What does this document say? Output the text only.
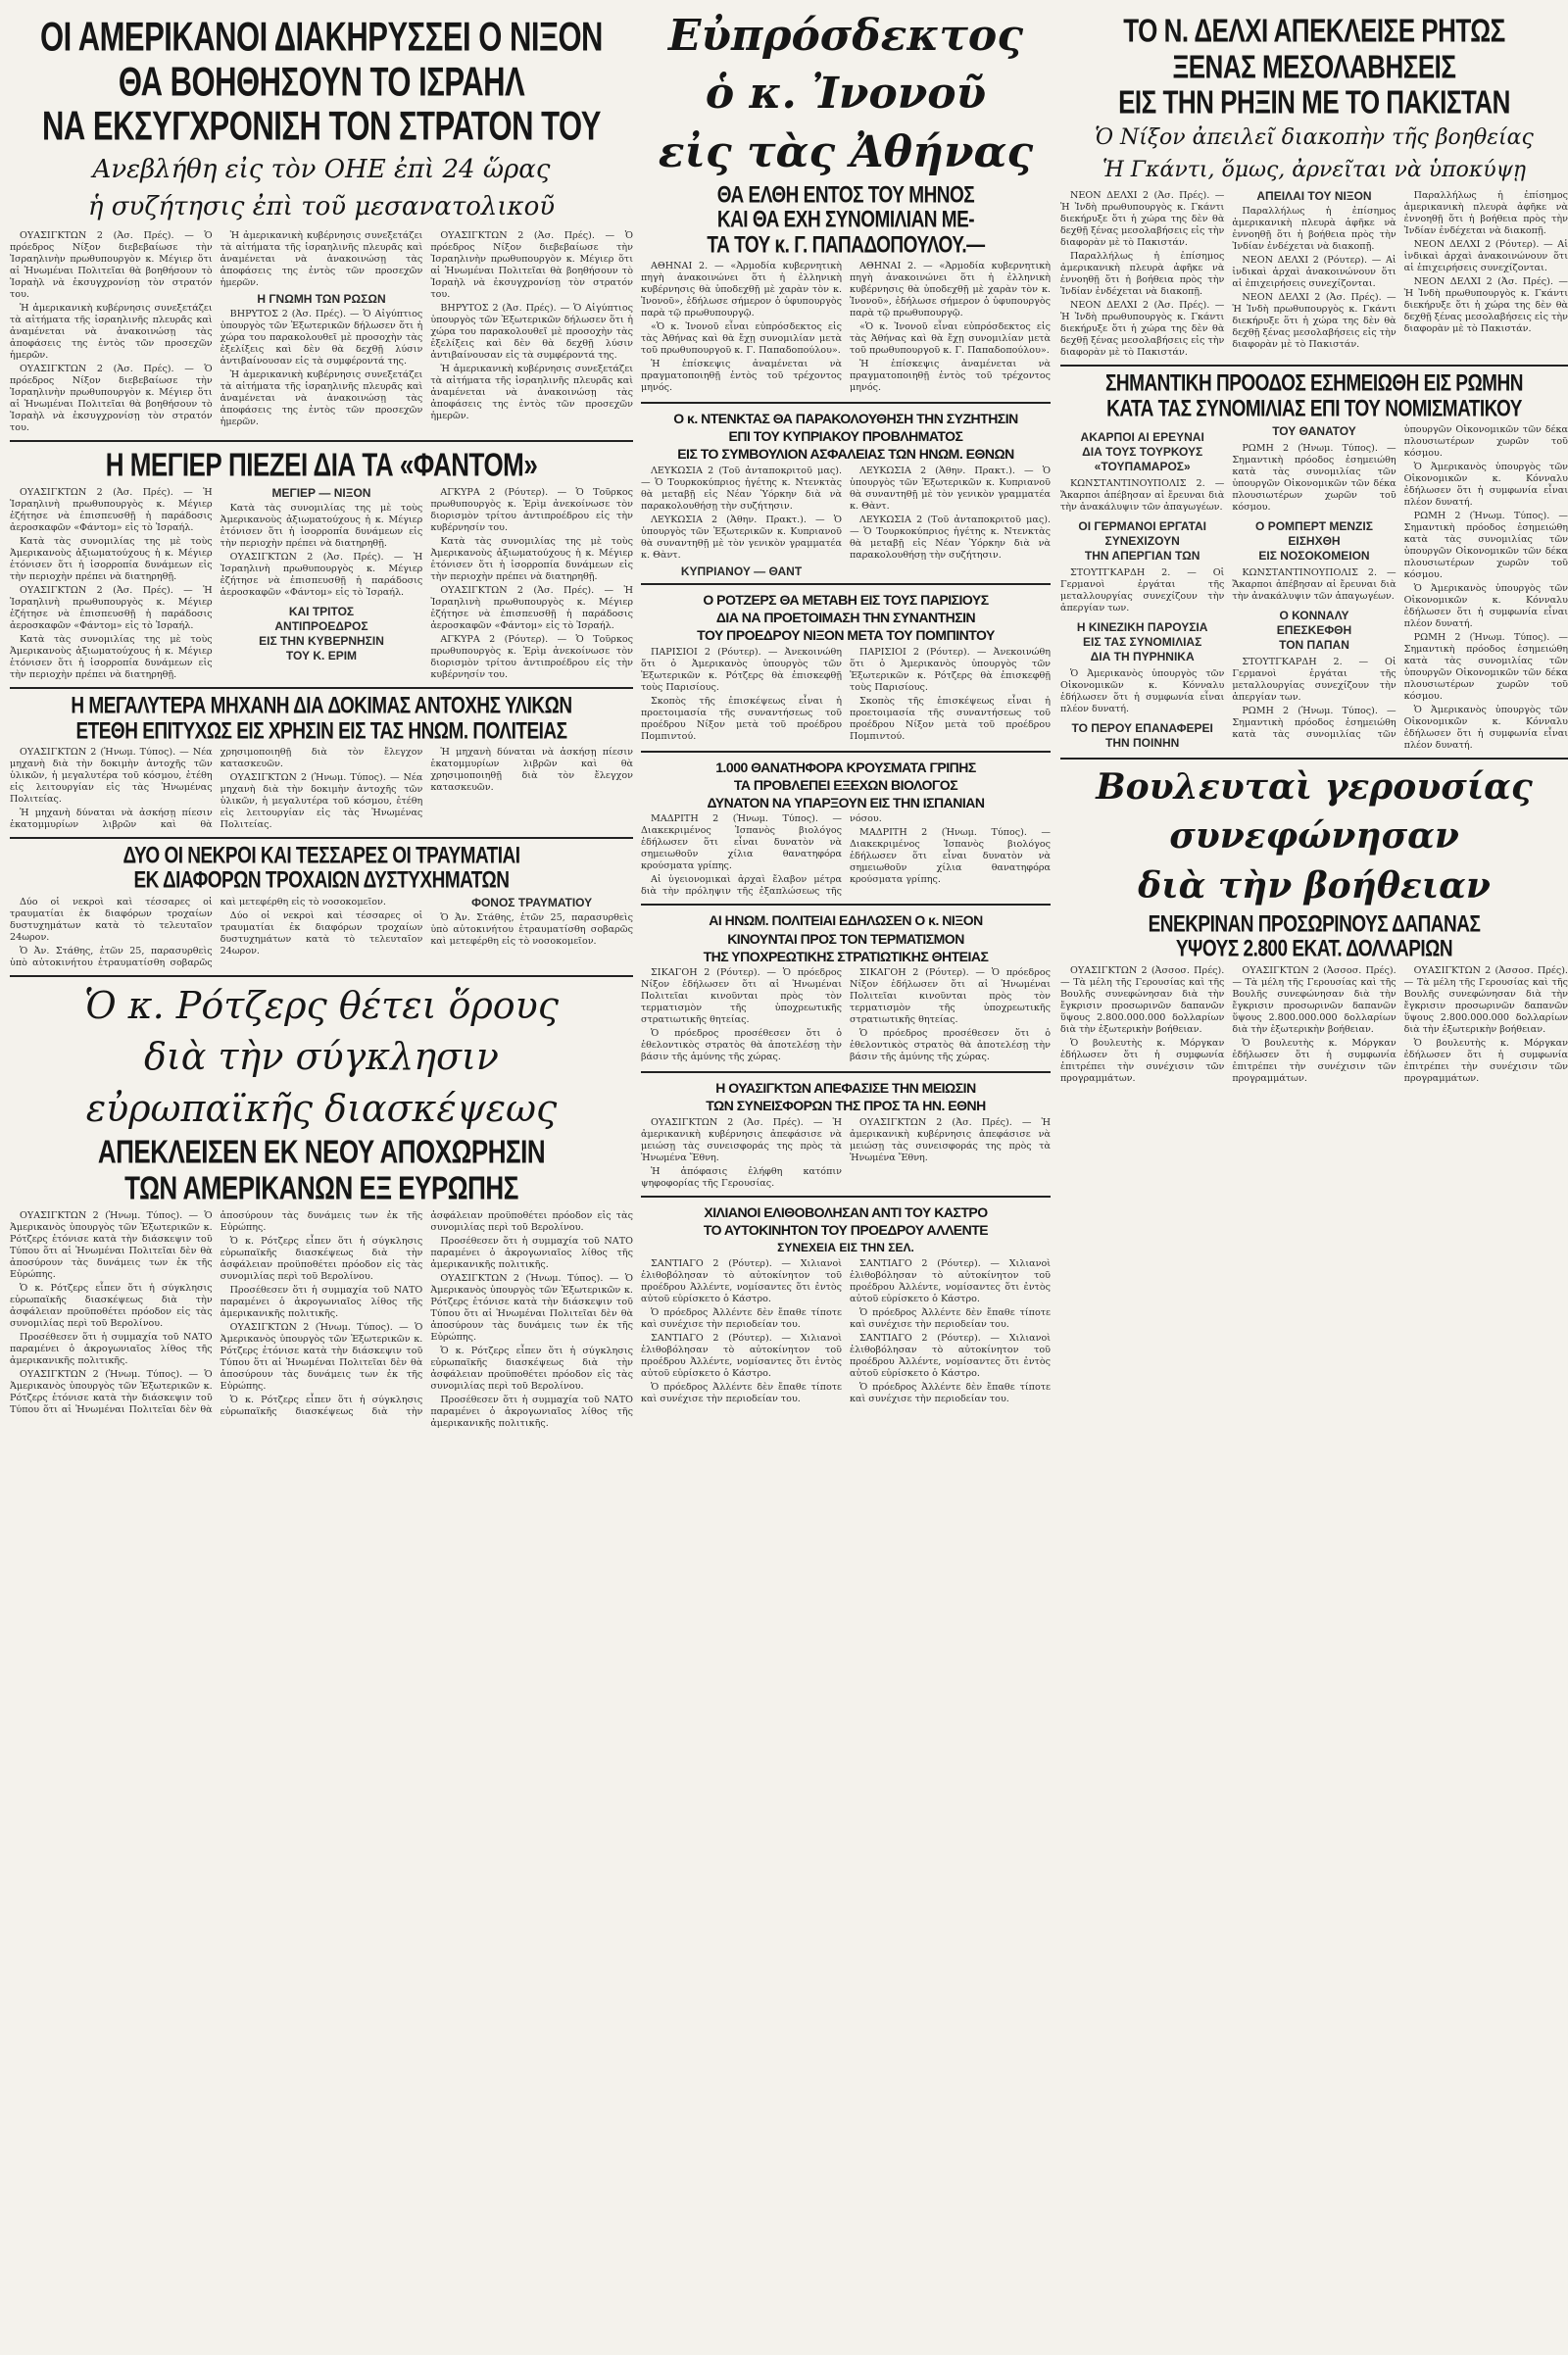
ΟΙ ΑΜΕΡΙΚΑΝΟΙ ΔΙΑΚΗΡΥΣΣΕΙ Ο ΝΙΞΟΝ
ΘΑ ΒΟΗΘΗΣΟΥΝ ΤΟ ΙΣΡΑΗΛ
ΝΑ ΕΚΣΥΓΧΡΟΝΙΣΗ ΤΟΝ ΣΤΡΑΤΟΝ ΤΟΥ
Ανεβλήθη εἰς τὸν ΟΗΕ ἐπὶ 24 ὥρας
ἡ συζήτησις ἐπὶ τοῦ μεσανατολικοῦ

ΟΥΑΣΙΓΚΤΩΝ 2 (Ἀσ. Πρές). — Ὁ πρόεδρος Νίξον διεβεβαίωσε τὴν Ἰσραηλινὴν πρωθυπουργὸν κ. Μέγιερ ὅτι αἱ Ἡνωμέναι Πολιτεῖαι θὰ βοηθήσουν τὸ Ἰσραὴλ νὰ ἐκσυγχρονίσῃ τὸν στρατόν του.

Ἡ ἀμερικανικὴ κυβέρνησις συνεξετάζει τὰ αἰτήματα τῆς ἰσραηλινῆς πλευρᾶς καὶ ἀναμένεται νὰ ἀνακοινώσῃ τὰς ἀποφάσεις της ἐντὸς τῶν προσεχῶν ἡμερῶν.

ΟΥΑΣΙΓΚΤΩΝ 2 (Ἀσ. Πρές). — Ὁ πρόεδρος Νίξον διεβεβαίωσε τὴν Ἰσραηλινὴν πρωθυπουργὸν κ. Μέγιερ ὅτι αἱ Ἡνωμέναι Πολιτεῖαι θὰ βοηθήσουν τὸ Ἰσραὴλ νὰ ἐκσυγχρονίσῃ τὸν στρατόν του.

Ἡ ἀμερικανικὴ κυβέρνησις συνεξετάζει τὰ αἰτήματα τῆς ἰσραηλινῆς πλευρᾶς καὶ ἀναμένεται νὰ ἀνακοινώσῃ τὰς ἀποφάσεις της ἐντὸς τῶν προσεχῶν ἡμερῶν.

Η ΓΝΩΜΗ ΤΩΝ ΡΩΣΩΝ

ΒΗΡΥΤΟΣ 2 (Ἀσ. Πρές). — Ὁ Αἰγύπτιος ὑπουργὸς τῶν Ἐξωτερικῶν δήλωσεν ὅτι ἡ χώρα του παρακολουθεῖ μὲ προσοχὴν τὰς ἐξελίξεις καὶ δὲν θὰ δεχθῇ λύσιν ἀντιβαίνουσαν εἰς τὰ συμφέροντά της.

Ἡ ἀμερικανικὴ κυβέρνησις συνεξετάζει τὰ αἰτήματα τῆς ἰσραηλινῆς πλευρᾶς καὶ ἀναμένεται νὰ ἀνακοινώσῃ τὰς ἀποφάσεις της ἐντὸς τῶν προσεχῶν ἡμερῶν.

ΟΥΑΣΙΓΚΤΩΝ 2 (Ἀσ. Πρές). — Ὁ πρόεδρος Νίξον διεβεβαίωσε τὴν Ἰσραηλινὴν πρωθυπουργὸν κ. Μέγιερ ὅτι αἱ Ἡνωμέναι Πολιτεῖαι θὰ βοηθήσουν τὸ Ἰσραὴλ νὰ ἐκσυγχρονίσῃ τὸν στρατόν του.

ΒΗΡΥΤΟΣ 2 (Ἀσ. Πρές). — Ὁ Αἰγύπτιος ὑπουργὸς τῶν Ἐξωτερικῶν δήλωσεν ὅτι ἡ χώρα του παρακολουθεῖ μὲ προσοχὴν τὰς ἐξελίξεις καὶ δὲν θὰ δεχθῇ λύσιν ἀντιβαίνουσαν εἰς τὰ συμφέροντά της.

Ἡ ἀμερικανικὴ κυβέρνησις συνεξετάζει τὰ αἰτήματα τῆς ἰσραηλινῆς πλευρᾶς καὶ ἀναμένεται νὰ ἀνακοινώσῃ τὰς ἀποφάσεις της ἐντὸς τῶν προσεχῶν ἡμερῶν.

Η ΜΕΓΙΕΡ ΠΙΕΖΕΙ ΔΙΑ ΤΑ «ΦΑΝΤΟΜ»

ΟΥΑΣΙΓΚΤΩΝ 2 (Ἀσ. Πρές). — Ἡ Ἰσραηλινὴ πρωθυπουργὸς κ. Μέγιερ ἐζήτησε νὰ ἐπισπευσθῇ ἡ παράδοσις ἀεροσκαφῶν «Φάντομ» εἰς τὸ Ἰσραήλ.

Κατὰ τὰς συνομιλίας της μὲ τοὺς Ἀμερικανοὺς ἀξιωματούχους ἡ κ. Μέγιερ ἐτόνισεν ὅτι ἡ ἰσορροπία δυνάμεων εἰς τὴν περιοχὴν πρέπει νὰ διατηρηθῇ.

ΟΥΑΣΙΓΚΤΩΝ 2 (Ἀσ. Πρές). — Ἡ Ἰσραηλινὴ πρωθυπουργὸς κ. Μέγιερ ἐζήτησε νὰ ἐπισπευσθῇ ἡ παράδοσις ἀεροσκαφῶν «Φάντομ» εἰς τὸ Ἰσραήλ.

Κατὰ τὰς συνομιλίας της μὲ τοὺς Ἀμερικανοὺς ἀξιωματούχους ἡ κ. Μέγιερ ἐτόνισεν ὅτι ἡ ἰσορροπία δυνάμεων εἰς τὴν περιοχὴν πρέπει νὰ διατηρηθῇ.

ΜΕΓΙΕΡ — ΝΙΞΟΝ

Κατὰ τὰς συνομιλίας της μὲ τοὺς Ἀμερικανοὺς ἀξιωματούχους ἡ κ. Μέγιερ ἐτόνισεν ὅτι ἡ ἰσορροπία δυνάμεων εἰς τὴν περιοχὴν πρέπει νὰ διατηρηθῇ.

ΟΥΑΣΙΓΚΤΩΝ 2 (Ἀσ. Πρές). — Ἡ Ἰσραηλινὴ πρωθυπουργὸς κ. Μέγιερ ἐζήτησε νὰ ἐπισπευσθῇ ἡ παράδοσις ἀεροσκαφῶν «Φάντομ» εἰς τὸ Ἰσραήλ.

ΚΑΙ ΤΡΙΤΟΣ
ΑΝΤΙΠΡΟΕΔΡΟΣ
ΕΙΣ ΤΗΝ ΚΥΒΕΡΝΗΣΙΝ
ΤΟΥ Κ. ΕΡΙΜ

ΑΓΚΥΡΑ 2 (Ρόυτερ). — Ὁ Τοῦρκος πρωθυπουργὸς κ. Ἐρὶμ ἀνεκοίνωσε τὸν διορισμὸν τρίτου ἀντιπροέδρου εἰς τὴν κυβέρνησίν του.

Κατὰ τὰς συνομιλίας της μὲ τοὺς Ἀμερικανοὺς ἀξιωματούχους ἡ κ. Μέγιερ ἐτόνισεν ὅτι ἡ ἰσορροπία δυνάμεων εἰς τὴν περιοχὴν πρέπει νὰ διατηρηθῇ.

ΟΥΑΣΙΓΚΤΩΝ 2 (Ἀσ. Πρές). — Ἡ Ἰσραηλινὴ πρωθυπουργὸς κ. Μέγιερ ἐζήτησε νὰ ἐπισπευσθῇ ἡ παράδοσις ἀεροσκαφῶν «Φάντομ» εἰς τὸ Ἰσραήλ.

ΑΓΚΥΡΑ 2 (Ρόυτερ). — Ὁ Τοῦρκος πρωθυπουργὸς κ. Ἐρὶμ ἀνεκοίνωσε τὸν διορισμὸν τρίτου ἀντιπροέδρου εἰς τὴν κυβέρνησίν του.

Η ΜΕΓΑΛΥΤΕΡΑ ΜΗΧΑΝΗ ΔΙΑ ΔΟΚΙΜΑΣ ΑΝΤΟΧΗΣ ΥΛΙΚΩΝ
ΕΤΕΘΗ ΕΠΙΤΥΧΩΣ ΕΙΣ ΧΡΗΣΙΝ ΕΙΣ ΤΑΣ ΗΝΩΜ. ΠΟΛΙΤΕΙΑΣ

ΟΥΑΣΙΓΚΤΩΝ 2 (Ἡνωμ. Τύπος). — Νέα μηχανὴ διὰ τὴν δοκιμὴν ἀντοχῆς τῶν ὑλικῶν, ἡ μεγαλυτέρα τοῦ κόσμου, ἐτέθη εἰς λειτουργίαν εἰς τὰς Ἡνωμένας Πολιτείας.

Ἡ μηχανὴ δύναται νὰ ἀσκήσῃ πίεσιν ἑκατομμυρίων λιβρῶν καὶ θὰ χρησιμοποιηθῇ διὰ τὸν ἔλεγχον κατασκευῶν.

ΟΥΑΣΙΓΚΤΩΝ 2 (Ἡνωμ. Τύπος). — Νέα μηχανὴ διὰ τὴν δοκιμὴν ἀντοχῆς τῶν ὑλικῶν, ἡ μεγαλυτέρα τοῦ κόσμου, ἐτέθη εἰς λειτουργίαν εἰς τὰς Ἡνωμένας Πολιτείας.

Ἡ μηχανὴ δύναται νὰ ἀσκήσῃ πίεσιν ἑκατομμυρίων λιβρῶν καὶ θὰ χρησιμοποιηθῇ διὰ τὸν ἔλεγχον κατασκευῶν.

ΔΥΟ ΟΙ ΝΕΚΡΟΙ ΚΑΙ ΤΕΣΣΑΡΕΣ ΟΙ ΤΡΑΥΜΑΤΙΑΙ
ΕΚ ΔΙΑΦΟΡΩΝ ΤΡΟΧΑΙΩΝ ΔΥΣΤΥΧΗΜΑΤΩΝ

Δύο οἱ νεκροὶ καὶ τέσσαρες οἱ τραυματίαι ἐκ διαφόρων τροχαίων δυστυχημάτων κατὰ τὸ τελευταῖον 24ωρον.

Ὁ Ἀν. Στάθης, ἐτῶν 25, παρασυρθεὶς ὑπὸ αὐτοκινήτου ἐτραυματίσθη σοβαρῶς καὶ μετεφέρθη εἰς τὸ νοσοκομεῖον.

Δύο οἱ νεκροὶ καὶ τέσσαρες οἱ τραυματίαι ἐκ διαφόρων τροχαίων δυστυχημάτων κατὰ τὸ τελευταῖον 24ωρον.

ΦΟΝΟΣ ΤΡΑΥΜΑΤΙΟΥ

Ὁ Ἀν. Στάθης, ἐτῶν 25, παρασυρθεὶς ὑπὸ αὐτοκινήτου ἐτραυματίσθη σοβαρῶς καὶ μετεφέρθη εἰς τὸ νοσοκομεῖον.

Ὁ κ. Ρότζερς θέτει ὅρους
διὰ τὴν σύγκλησιν
εὐρωπαϊκῆς διασκέψεως
ΑΠΕΚΛΕΙΣΕΝ ΕΚ ΝΕΟΥ ΑΠΟΧΩΡΗΣΙΝ
ΤΩΝ ΑΜΕΡΙΚΑΝΩΝ ΕΞ ΕΥΡΩΠΗΣ

ΟΥΑΣΙΓΚΤΩΝ 2 (Ἡνωμ. Τύπος). — Ὁ Ἀμερικανὸς ὑπουργὸς τῶν Ἐξωτερικῶν κ. Ρότζερς ἐτόνισε κατὰ τὴν διάσκεψιν τοῦ Τύπου ὅτι αἱ Ἡνωμέναι Πολιτεῖαι δὲν θὰ ἀποσύρουν τὰς δυνάμεις των ἐκ τῆς Εὐρώπης.

Ὁ κ. Ρότζερς εἶπεν ὅτι ἡ σύγκλησις εὐρωπαϊκῆς διασκέψεως διὰ τὴν ἀσφάλειαν προϋποθέτει πρόοδον εἰς τὰς συνομιλίας περὶ τοῦ Βερολίνου.

Προσέθεσεν ὅτι ἡ συμμαχία τοῦ ΝΑΤΟ παραμένει ὁ ἀκρογωνιαῖος λίθος τῆς ἀμερικανικῆς πολιτικῆς.

ΟΥΑΣΙΓΚΤΩΝ 2 (Ἡνωμ. Τύπος). — Ὁ Ἀμερικανὸς ὑπουργὸς τῶν Ἐξωτερικῶν κ. Ρότζερς ἐτόνισε κατὰ τὴν διάσκεψιν τοῦ Τύπου ὅτι αἱ Ἡνωμέναι Πολιτεῖαι δὲν θὰ ἀποσύρουν τὰς δυνάμεις των ἐκ τῆς Εὐρώπης.

Ὁ κ. Ρότζερς εἶπεν ὅτι ἡ σύγκλησις εὐρωπαϊκῆς διασκέψεως διὰ τὴν ἀσφάλειαν προϋποθέτει πρόοδον εἰς τὰς συνομιλίας περὶ τοῦ Βερολίνου.

Προσέθεσεν ὅτι ἡ συμμαχία τοῦ ΝΑΤΟ παραμένει ὁ ἀκρογωνιαῖος λίθος τῆς ἀμερικανικῆς πολιτικῆς.

ΟΥΑΣΙΓΚΤΩΝ 2 (Ἡνωμ. Τύπος). — Ὁ Ἀμερικανὸς ὑπουργὸς τῶν Ἐξωτερικῶν κ. Ρότζερς ἐτόνισε κατὰ τὴν διάσκεψιν τοῦ Τύπου ὅτι αἱ Ἡνωμέναι Πολιτεῖαι δὲν θὰ ἀποσύρουν τὰς δυνάμεις των ἐκ τῆς Εὐρώπης.

Ὁ κ. Ρότζερς εἶπεν ὅτι ἡ σύγκλησις εὐρωπαϊκῆς διασκέψεως διὰ τὴν ἀσφάλειαν προϋποθέτει πρόοδον εἰς τὰς συνομιλίας περὶ τοῦ Βερολίνου.

Προσέθεσεν ὅτι ἡ συμμαχία τοῦ ΝΑΤΟ παραμένει ὁ ἀκρογωνιαῖος λίθος τῆς ἀμερικανικῆς πολιτικῆς.

ΟΥΑΣΙΓΚΤΩΝ 2 (Ἡνωμ. Τύπος). — Ὁ Ἀμερικανὸς ὑπουργὸς τῶν Ἐξωτερικῶν κ. Ρότζερς ἐτόνισε κατὰ τὴν διάσκεψιν τοῦ Τύπου ὅτι αἱ Ἡνωμέναι Πολιτεῖαι δὲν θὰ ἀποσύρουν τὰς δυνάμεις των ἐκ τῆς Εὐρώπης.

Ὁ κ. Ρότζερς εἶπεν ὅτι ἡ σύγκλησις εὐρωπαϊκῆς διασκέψεως διὰ τὴν ἀσφάλειαν προϋποθέτει πρόοδον εἰς τὰς συνομιλίας περὶ τοῦ Βερολίνου.

Προσέθεσεν ὅτι ἡ συμμαχία τοῦ ΝΑΤΟ παραμένει ὁ ἀκρογωνιαῖος λίθος τῆς ἀμερικανικῆς πολιτικῆς.

Εὐπρόσδεκτος
ὁ κ. Ἰνονοῦ
εἰς τὰς Ἀθήνας
ΘΑ ΕΛΘΗ ΕΝΤΟΣ ΤΟΥ ΜΗΝΟΣ
ΚΑΙ ΘΑ ΕΧΗ ΣΥΝΟΜΙΛΙΑΝ ΜΕ-
ΤΑ ΤΟΥ κ. Γ. ΠΑΠΑΔΟΠΟΥΛΟΥ.—

ΑΘΗΝΑΙ 2. — «Ἀρμοδία κυβερνητικὴ πηγὴ ἀνακοινώνει ὅτι ἡ ἐλληνικὴ κυβέρνησις θὰ ὑποδεχθῇ μὲ χαρὰν τὸν κ. Ἰνονοῦ», ἐδήλωσε σήμερον ὁ ὑφυπουργὸς παρὰ τῷ πρωθυπουργῷ.

«Ὁ κ. Ἰνονοῦ εἶναι εὐπρόσδεκτος εἰς τὰς Ἀθήνας καὶ θὰ ἔχῃ συνομιλίαν μετὰ τοῦ πρωθυπουργοῦ κ. Γ. Παπαδοπούλου».

Ἡ ἐπίσκεψις ἀναμένεται νὰ πραγματοποιηθῇ ἐντὸς τοῦ τρέχοντος μηνός.

ΑΘΗΝΑΙ 2. — «Ἀρμοδία κυβερνητικὴ πηγὴ ἀνακοινώνει ὅτι ἡ ἐλληνικὴ κυβέρνησις θὰ ὑποδεχθῇ μὲ χαρὰν τὸν κ. Ἰνονοῦ», ἐδήλωσε σήμερον ὁ ὑφυπουργὸς παρὰ τῷ πρωθυπουργῷ.

«Ὁ κ. Ἰνονοῦ εἶναι εὐπρόσδεκτος εἰς τὰς Ἀθήνας καὶ θὰ ἔχῃ συνομιλίαν μετὰ τοῦ πρωθυπουργοῦ κ. Γ. Παπαδοπούλου».

Ἡ ἐπίσκεψις ἀναμένεται νὰ πραγματοποιηθῇ ἐντὸς τοῦ τρέχοντος μηνός.

Ο κ. ΝΤΕΝΚΤΑΣ ΘΑ ΠΑΡΑΚΟΛΟΥΘΗΣΗ ΤΗΝ ΣΥΖΗΤΗΣΙΝ
ΕΠΙ ΤΟΥ ΚΥΠΡΙΑΚΟΥ ΠΡΟΒΛΗΜΑΤΟΣ
ΕΙΣ ΤΟ ΣΥΜΒΟΥΛΙΟΝ ΑΣΦΑΛΕΙΑΣ ΤΩΝ ΗΝΩΜ. ΕΘΝΩΝ

ΛΕΥΚΩΣΙΑ 2 (Τοῦ ἀνταποκριτοῦ μας). — Ὁ Τουρκοκύπριος ἡγέτης κ. Ντενκτὰς θὰ μεταβῇ εἰς Νέαν Ὑόρκην διὰ νὰ παρακολουθήσῃ τὴν συζήτησιν.

ΛΕΥΚΩΣΙΑ 2 (Ἀθην. Πρακτ.). — Ὁ ὑπουργὸς τῶν Ἐξωτερικῶν κ. Κυπριανοῦ θὰ συναντηθῇ μὲ τὸν γενικὸν γραμματέα κ. Θὰντ.

ΚΥΠΡΙΑΝΟΥ — ΘΑΝΤ

ΛΕΥΚΩΣΙΑ 2 (Ἀθην. Πρακτ.). — Ὁ ὑπουργὸς τῶν Ἐξωτερικῶν κ. Κυπριανοῦ θὰ συναντηθῇ μὲ τὸν γενικὸν γραμματέα κ. Θὰντ.

ΛΕΥΚΩΣΙΑ 2 (Τοῦ ἀνταποκριτοῦ μας). — Ὁ Τουρκοκύπριος ἡγέτης κ. Ντενκτὰς θὰ μεταβῇ εἰς Νέαν Ὑόρκην διὰ νὰ παρακολουθήσῃ τὴν συζήτησιν.

Ο ΡΟΤΖΕΡΣ ΘΑ ΜΕΤΑΒΗ ΕΙΣ ΤΟΥΣ ΠΑΡΙΣΙΟΥΣ
ΔΙΑ ΝΑ ΠΡΟΕΤΟΙΜΑΣΗ ΤΗΝ ΣΥΝΑΝΤΗΣΙΝ
ΤΟΥ ΠΡΟΕΔΡΟΥ ΝΙΞΟΝ ΜΕΤΑ ΤΟΥ ΠΟΜΠΙΝΤΟΥ

ΠΑΡΙΣΙΟΙ 2 (Ρόυτερ). — Ἀνεκοινώθη ὅτι ὁ Ἀμερικανὸς ὑπουργὸς τῶν Ἐξωτερικῶν κ. Ρότζερς θὰ ἐπισκεφθῇ τοὺς Παρισίους.

Σκοπὸς τῆς ἐπισκέψεως εἶναι ἡ προετοιμασία τῆς συναντήσεως τοῦ προέδρου Νίξον μετὰ τοῦ προέδρου Πομπιντού.

ΠΑΡΙΣΙΟΙ 2 (Ρόυτερ). — Ἀνεκοινώθη ὅτι ὁ Ἀμερικανὸς ὑπουργὸς τῶν Ἐξωτερικῶν κ. Ρότζερς θὰ ἐπισκεφθῇ τοὺς Παρισίους.

Σκοπὸς τῆς ἐπισκέψεως εἶναι ἡ προετοιμασία τῆς συναντήσεως τοῦ προέδρου Νίξον μετὰ τοῦ προέδρου Πομπιντού.

1.000 ΘΑΝΑΤΗΦΟΡΑ ΚΡΟΥΣΜΑΤΑ ΓΡΙΠΗΣ
ΤΑ ΠΡΟΒΛΕΠΕΙ ΕΞΕΧΩΝ ΒΙΟΛΟΓΟΣ
ΔΥΝΑΤΟΝ ΝΑ ΥΠΑΡΞΟΥΝ ΕΙΣ ΤΗΝ ΙΣΠΑΝΙΑΝ

ΜΑΔΡΙΤΗ 2 (Ἡνωμ. Τύπος). — Διακεκριμένος Ἱσπανὸς βιολόγος ἐδήλωσεν ὅτι εἶναι δυνατὸν νὰ σημειωθοῦν χίλια θανατηφόρα κρούσματα γρίπης.

Αἱ ὑγειονομικαὶ ἀρχαὶ ἔλαβον μέτρα διὰ τὴν πρόληψιν τῆς ἐξαπλώσεως τῆς νόσου.

ΜΑΔΡΙΤΗ 2 (Ἡνωμ. Τύπος). — Διακεκριμένος Ἱσπανὸς βιολόγος ἐδήλωσεν ὅτι εἶναι δυνατὸν νὰ σημειωθοῦν χίλια θανατηφόρα κρούσματα γρίπης.

ΑΙ ΗΝΩΜ. ΠΟΛΙΤΕΙΑΙ ΕΔΗΛΩΣΕΝ Ο κ. ΝΙΞΟΝ
ΚΙΝΟΥΝΤΑΙ ΠΡΟΣ ΤΟΝ ΤΕΡΜΑΤΙΣΜΟΝ
ΤΗΣ ΥΠΟΧΡΕΩΤΙΚΗΣ ΣΤΡΑΤΙΩΤΙΚΗΣ ΘΗΤΕΙΑΣ

ΣΙΚΑΓΟΗ 2 (Ρόυτερ). — Ὁ πρόεδρος Νίξον ἐδήλωσεν ὅτι αἱ Ἡνωμέναι Πολιτεῖαι κινοῦνται πρὸς τὸν τερματισμὸν τῆς ὑποχρεωτικῆς στρατιωτικῆς θητείας.

Ὁ πρόεδρος προσέθεσεν ὅτι ὁ ἐθελοντικὸς στρατὸς θὰ ἀποτελέσῃ τὴν βάσιν τῆς ἀμύνης τῆς χώρας.

ΣΙΚΑΓΟΗ 2 (Ρόυτερ). — Ὁ πρόεδρος Νίξον ἐδήλωσεν ὅτι αἱ Ἡνωμέναι Πολιτεῖαι κινοῦνται πρὸς τὸν τερματισμὸν τῆς ὑποχρεωτικῆς στρατιωτικῆς θητείας.

Ὁ πρόεδρος προσέθεσεν ὅτι ὁ ἐθελοντικὸς στρατὸς θὰ ἀποτελέσῃ τὴν βάσιν τῆς ἀμύνης τῆς χώρας.

Η ΟΥΑΣΙΓΚΤΩΝ ΑΠΕΦΑΣΙΣΕ ΤΗΝ ΜΕΙΩΣΙΝ
ΤΩΝ ΣΥΝΕΙΣΦΟΡΩΝ ΤΗΣ ΠΡΟΣ ΤΑ ΗΝ. ΕΘΝΗ

ΟΥΑΣΙΓΚΤΩΝ 2 (Ἀσ. Πρές). — Ἡ ἀμερικανικὴ κυβέρνησις ἀπεφάσισε νὰ μειώσῃ τὰς συνεισφοράς της πρὸς τὰ Ἡνωμένα Ἔθνη.

Ἡ ἀπόφασις ἐλήφθη κατόπιν ψηφοφορίας τῆς Γερουσίας.

ΟΥΑΣΙΓΚΤΩΝ 2 (Ἀσ. Πρές). — Ἡ ἀμερικανικὴ κυβέρνησις ἀπεφάσισε νὰ μειώσῃ τὰς συνεισφοράς της πρὸς τὰ Ἡνωμένα Ἔθνη.

ΧΙΛΙΑΝΟΙ ΕΛΙΘΟΒΟΛΗΣΑΝ ΑΝΤΙ ΤΟΥ ΚΑΣΤΡΟ
ΤΟ ΑΥΤΟΚΙΝΗΤΟΝ ΤΟΥ ΠΡΟΕΔΡΟΥ ΑΛΛΕΝΤΕ
ΣΥΝΕΧΕΙΑ ΕΙΣ ΤΗΝ ΣΕΛ.

ΣΑΝΤΙΑΓΟ 2 (Ρόυτερ). — Χιλιανοὶ ἐλιθοβόλησαν τὸ αὐτοκίνητον τοῦ προέδρου Ἀλλέντε, νομίσαντες ὅτι ἐντὸς αὐτοῦ εὑρίσκετο ὁ Κάστρο.

Ὁ πρόεδρος Ἀλλέντε δὲν ἔπαθε τίποτε καὶ συνέχισε τὴν περιοδείαν του.

ΣΑΝΤΙΑΓΟ 2 (Ρόυτερ). — Χιλιανοὶ ἐλιθοβόλησαν τὸ αὐτοκίνητον τοῦ προέδρου Ἀλλέντε, νομίσαντες ὅτι ἐντὸς αὐτοῦ εὑρίσκετο ὁ Κάστρο.

Ὁ πρόεδρος Ἀλλέντε δὲν ἔπαθε τίποτε καὶ συνέχισε τὴν περιοδείαν του.

ΣΑΝΤΙΑΓΟ 2 (Ρόυτερ). — Χιλιανοὶ ἐλιθοβόλησαν τὸ αὐτοκίνητον τοῦ προέδρου Ἀλλέντε, νομίσαντες ὅτι ἐντὸς αὐτοῦ εὑρίσκετο ὁ Κάστρο.

Ὁ πρόεδρος Ἀλλέντε δὲν ἔπαθε τίποτε καὶ συνέχισε τὴν περιοδείαν του.

ΣΑΝΤΙΑΓΟ 2 (Ρόυτερ). — Χιλιανοὶ ἐλιθοβόλησαν τὸ αὐτοκίνητον τοῦ προέδρου Ἀλλέντε, νομίσαντες ὅτι ἐντὸς αὐτοῦ εὑρίσκετο ὁ Κάστρο.

Ὁ πρόεδρος Ἀλλέντε δὲν ἔπαθε τίποτε καὶ συνέχισε τὴν περιοδείαν του.

ΤΟ Ν. ΔΕΛΧΙ ΑΠΕΚΛΕΙΣΕ ΡΗΤΩΣ
ΞΕΝΑΣ ΜΕΣΟΛΑΒΗΣΕΙΣ
ΕΙΣ ΤΗΝ ΡΗΞΙΝ ΜΕ ΤΟ ΠΑΚΙΣΤΑΝ
Ὁ Νίξον ἀπειλεῖ διακοπὴν τῆς βοηθείας
Ἡ Γκάντι, ὅμως, ἀρνεῖται νὰ ὑποκύψῃ

ΝΕΟΝ ΔΕΛΧΙ 2 (Ἀσ. Πρές). — Ἡ Ἰνδὴ πρωθυπουργὸς κ. Γκάντι διεκήρυξε ὅτι ἡ χώρα της δὲν θὰ δεχθῇ ξένας μεσολαβήσεις εἰς τὴν διαφορὰν μὲ τὸ Πακιστάν.

Παραλλήλως ἡ ἐπίσημος ἀμερικανικὴ πλευρὰ ἀφῆκε νὰ ἐννοηθῇ ὅτι ἡ βοήθεια πρὸς τὴν Ἰνδίαν ἐνδέχεται νὰ διακοπῇ.

ΝΕΟΝ ΔΕΛΧΙ 2 (Ἀσ. Πρές). — Ἡ Ἰνδὴ πρωθυπουργὸς κ. Γκάντι διεκήρυξε ὅτι ἡ χώρα της δὲν θὰ δεχθῇ ξένας μεσολαβήσεις εἰς τὴν διαφορὰν μὲ τὸ Πακιστάν.

ΑΠΕΙΛΑΙ ΤΟΥ ΝΙΞΟΝ

Παραλλήλως ἡ ἐπίσημος ἀμερικανικὴ πλευρὰ ἀφῆκε νὰ ἐννοηθῇ ὅτι ἡ βοήθεια πρὸς τὴν Ἰνδίαν ἐνδέχεται νὰ διακοπῇ.

ΝΕΟΝ ΔΕΛΧΙ 2 (Ρόυτερ). — Αἱ ἰνδικαὶ ἀρχαὶ ἀνακοινώνουν ὅτι αἱ ἐπιχειρήσεις συνεχίζονται.

ΝΕΟΝ ΔΕΛΧΙ 2 (Ἀσ. Πρές). — Ἡ Ἰνδὴ πρωθυπουργὸς κ. Γκάντι διεκήρυξε ὅτι ἡ χώρα της δὲν θὰ δεχθῇ ξένας μεσολαβήσεις εἰς τὴν διαφορὰν μὲ τὸ Πακιστάν.

Παραλλήλως ἡ ἐπίσημος ἀμερικανικὴ πλευρὰ ἀφῆκε νὰ ἐννοηθῇ ὅτι ἡ βοήθεια πρὸς τὴν Ἰνδίαν ἐνδέχεται νὰ διακοπῇ.

ΝΕΟΝ ΔΕΛΧΙ 2 (Ρόυτερ). — Αἱ ἰνδικαὶ ἀρχαὶ ἀνακοινώνουν ὅτι αἱ ἐπιχειρήσεις συνεχίζονται.

ΝΕΟΝ ΔΕΛΧΙ 2 (Ἀσ. Πρές). — Ἡ Ἰνδὴ πρωθυπουργὸς κ. Γκάντι διεκήρυξε ὅτι ἡ χώρα της δὲν θὰ δεχθῇ ξένας μεσολαβήσεις εἰς τὴν διαφορὰν μὲ τὸ Πακιστάν.

ΣΗΜΑΝΤΙΚΗ ΠΡΟΟΔΟΣ ΕΣΗΜΕΙΩΘΗ ΕΙΣ ΡΩΜΗΝ
ΚΑΤΑ ΤΑΣ ΣΥΝΟΜΙΛΙΑΣ ΕΠΙ ΤΟΥ ΝΟΜΙΣΜΑΤΙΚΟΥ
ΑΚΑΡΠΟΙ ΑΙ ΕΡΕΥΝΑΙ
ΔΙΑ ΤΟΥΣ ΤΟΥΡΚΟΥΣ
«ΤΟΥΠΑΜΑΡΟΣ»

ΚΩΝΣΤΑΝΤΙΝΟΥΠΟΛΙΣ 2. — Ἄκαρποι ἀπέβησαν αἱ ἔρευναι διὰ τὴν ἀνακάλυψιν τῶν ἀπαγωγέων.

ΟΙ ΓΕΡΜΑΝΟΙ ΕΡΓΑΤΑΙ
ΣΥΝΕΧΙΖΟΥΝ
ΤΗΝ ΑΠΕΡΓΙΑΝ ΤΩΝ

ΣΤΟΥΤΓΚΑΡΔΗ 2. — Οἱ Γερμανοὶ ἐργάται τῆς μεταλλουργίας συνεχίζουν τὴν ἀπεργίαν των.

Η ΚΙΝΕΖΙΚΗ ΠΑΡΟΥΣΙΑ
ΕΙΣ ΤΑΣ ΣΥΝΟΜΙΛΙΑΣ
ΔΙΑ ΤΗ ΠΥΡΗΝΙΚΑ

Ὁ Ἀμερικανὸς ὑπουργὸς τῶν Οἰκονομικῶν κ. Κόνναλυ ἐδήλωσεν ὅτι ἡ συμφωνία εἶναι πλέον δυνατή.

ΤΟ ΠΕΡΟΥ ΕΠΑΝΑΦΕΡΕΙ
ΤΗΝ ΠΟΙΝΗΝ
ΤΟΥ ΘΑΝΑΤΟΥ

ΡΩΜΗ 2 (Ἡνωμ. Τύπος). — Σημαντικὴ πρόοδος ἐσημειώθη κατὰ τὰς συνομιλίας τῶν ὑπουργῶν Οἰκονομικῶν τῶν δέκα πλουσιωτέρων χωρῶν τοῦ κόσμου.

Ο ΡΟΜΠΕΡΤ ΜΕΝΖΙΣ
ΕΙΣΗΧΘΗ
ΕΙΣ ΝΟΣΟΚΟΜΕΙΟΝ

ΚΩΝΣΤΑΝΤΙΝΟΥΠΟΛΙΣ 2. — Ἄκαρποι ἀπέβησαν αἱ ἔρευναι διὰ τὴν ἀνακάλυψιν τῶν ἀπαγωγέων.

Ο ΚΟΝΝΑΛΥ
ΕΠΕΣΚΕΦΘΗ
ΤΟΝ ΠΑΠΑΝ

ΣΤΟΥΤΓΚΑΡΔΗ 2. — Οἱ Γερμανοὶ ἐργάται τῆς μεταλλουργίας συνεχίζουν τὴν ἀπεργίαν των.

ΡΩΜΗ 2 (Ἡνωμ. Τύπος). — Σημαντικὴ πρόοδος ἐσημειώθη κατὰ τὰς συνομιλίας τῶν ὑπουργῶν Οἰκονομικῶν τῶν δέκα πλουσιωτέρων χωρῶν τοῦ κόσμου.

Ὁ Ἀμερικανὸς ὑπουργὸς τῶν Οἰκονομικῶν κ. Κόνναλυ ἐδήλωσεν ὅτι ἡ συμφωνία εἶναι πλέον δυνατή.

ΡΩΜΗ 2 (Ἡνωμ. Τύπος). — Σημαντικὴ πρόοδος ἐσημειώθη κατὰ τὰς συνομιλίας τῶν ὑπουργῶν Οἰκονομικῶν τῶν δέκα πλουσιωτέρων χωρῶν τοῦ κόσμου.

Ὁ Ἀμερικανὸς ὑπουργὸς τῶν Οἰκονομικῶν κ. Κόνναλυ ἐδήλωσεν ὅτι ἡ συμφωνία εἶναι πλέον δυνατή.

ΡΩΜΗ 2 (Ἡνωμ. Τύπος). — Σημαντικὴ πρόοδος ἐσημειώθη κατὰ τὰς συνομιλίας τῶν ὑπουργῶν Οἰκονομικῶν τῶν δέκα πλουσιωτέρων χωρῶν τοῦ κόσμου.

Ὁ Ἀμερικανὸς ὑπουργὸς τῶν Οἰκονομικῶν κ. Κόνναλυ ἐδήλωσεν ὅτι ἡ συμφωνία εἶναι πλέον δυνατή.

Βουλευταὶ γερουσίας
συνεφώνησαν
διὰ τὴν βοήθειαν
ΕΝΕΚΡΙΝΑΝ ΠΡΟΣΩΡΙΝΟΥΣ ΔΑΠΑΝΑΣ
ΥΨΟΥΣ 2.800 ΕΚΑΤ. ΔΟΛΛΑΡΙΩΝ

ΟΥΑΣΙΓΚΤΩΝ 2 (Ἀσσοσ. Πρές). — Τὰ μέλη τῆς Γερουσίας καὶ τῆς Βουλῆς συνεφώνησαν διὰ τὴν ἔγκρισιν προσωρινῶν δαπανῶν ὕψους 2.800.000.000 δολλαρίων διὰ τὴν ἐξωτερικὴν βοήθειαν.

Ὁ βουλευτὴς κ. Μόργκαν ἐδήλωσεν ὅτι ἡ συμφωνία ἐπιτρέπει τὴν συνέχισιν τῶν προγραμμάτων.

ΟΥΑΣΙΓΚΤΩΝ 2 (Ἀσσοσ. Πρές). — Τὰ μέλη τῆς Γερουσίας καὶ τῆς Βουλῆς συνεφώνησαν διὰ τὴν ἔγκρισιν προσωρινῶν δαπανῶν ὕψους 2.800.000.000 δολλαρίων διὰ τὴν ἐξωτερικὴν βοήθειαν.

Ὁ βουλευτὴς κ. Μόργκαν ἐδήλωσεν ὅτι ἡ συμφωνία ἐπιτρέπει τὴν συνέχισιν τῶν προγραμμάτων.

ΟΥΑΣΙΓΚΤΩΝ 2 (Ἀσσοσ. Πρές). — Τὰ μέλη τῆς Γερουσίας καὶ τῆς Βουλῆς συνεφώνησαν διὰ τὴν ἔγκρισιν προσωρινῶν δαπανῶν ὕψους 2.800.000.000 δολλαρίων διὰ τὴν ἐξωτερικὴν βοήθειαν.

Ὁ βουλευτὴς κ. Μόργκαν ἐδήλωσεν ὅτι ἡ συμφωνία ἐπιτρέπει τὴν συνέχισιν τῶν προγραμμάτων.
